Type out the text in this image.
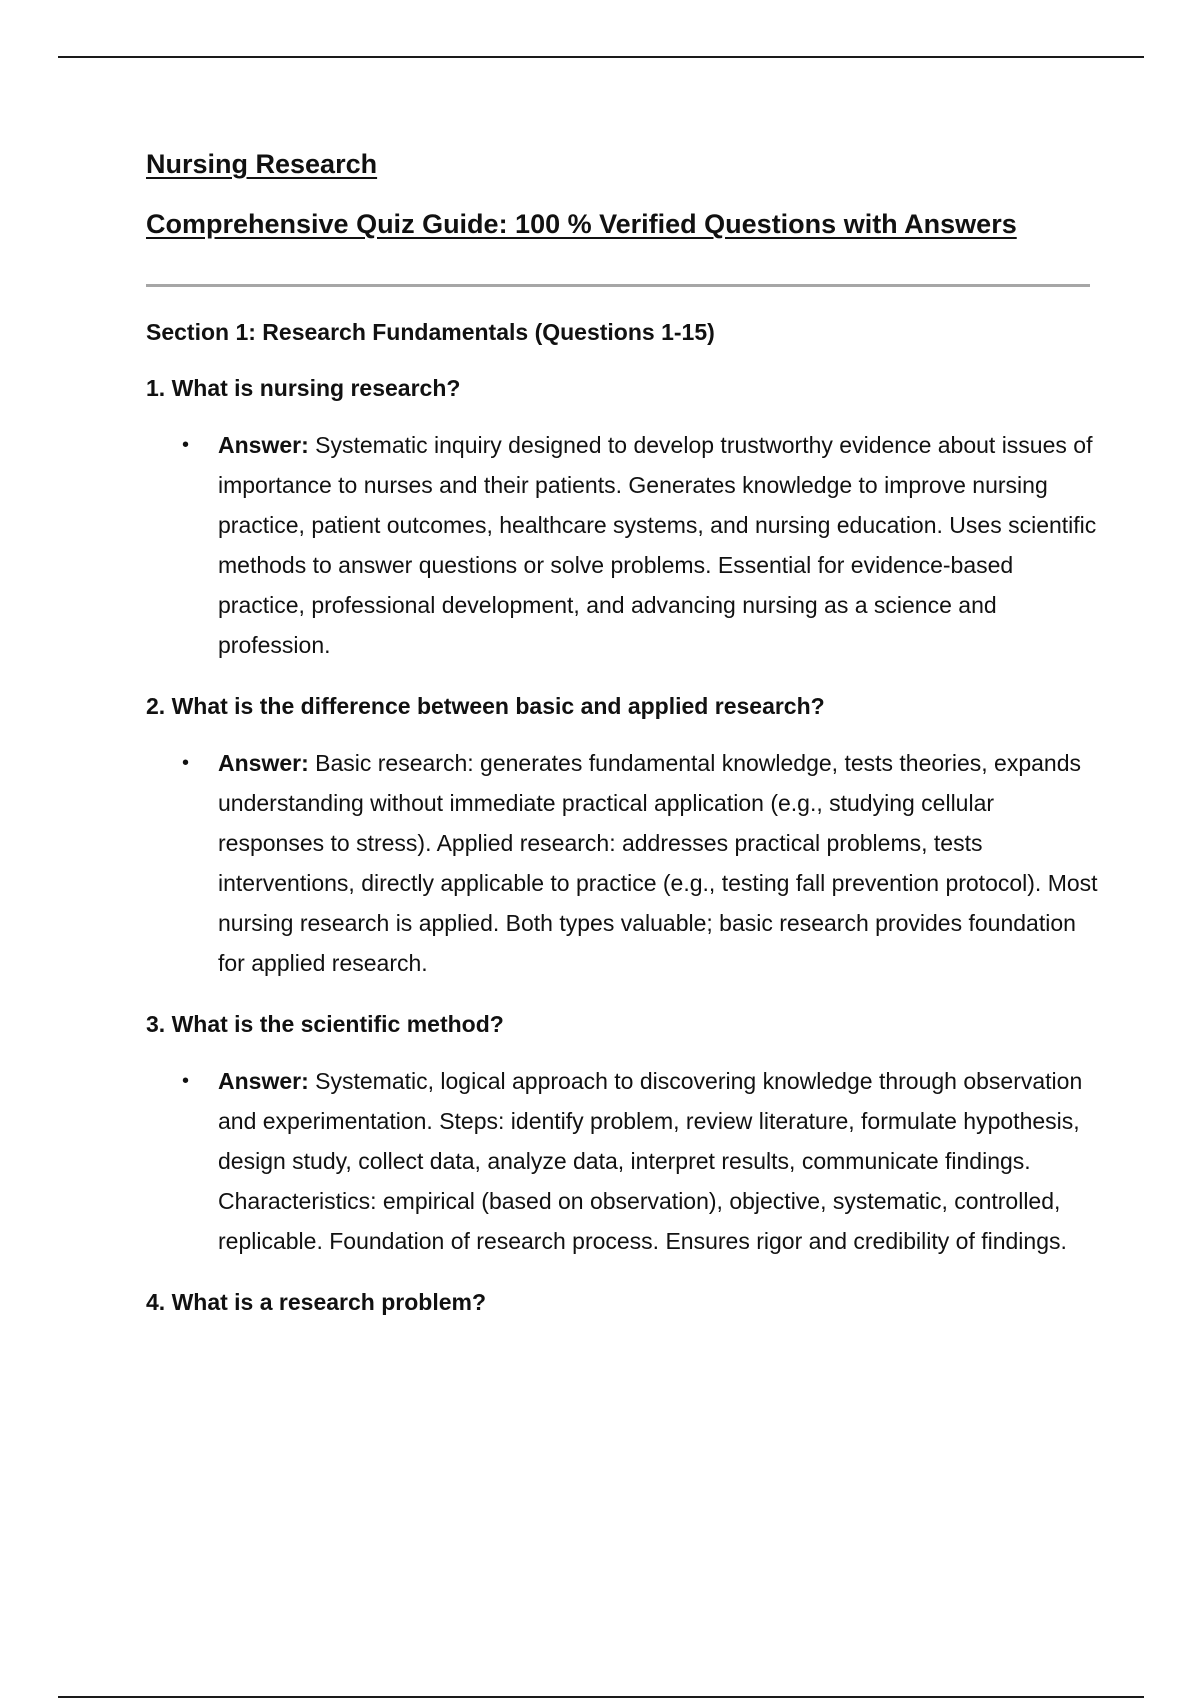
Nursing Research
Comprehensive Quiz Guide: 100 % Verified Questions with Answers
Section 1: Research Fundamentals (Questions 1-15)
1. What is nursing research?
• Answer: Systematic inquiry designed to develop trustworthy evidence about issues of importance to nurses and their patients. Generates knowledge to improve nursing practice, patient outcomes, healthcare systems, and nursing education. Uses scientific methods to answer questions or solve problems. Essential for evidence-based practice, professional development, and advancing nursing as a science and profession.
2. What is the difference between basic and applied research?
• Answer: Basic research: generates fundamental knowledge, tests theories, expands understanding without immediate practical application (e.g., studying cellular responses to stress). Applied research: addresses practical problems, tests interventions, directly applicable to practice (e.g., testing fall prevention protocol). Most nursing research is applied. Both types valuable; basic research provides foundation for applied research.
3. What is the scientific method?
• Answer: Systematic, logical approach to discovering knowledge through observation and experimentation. Steps: identify problem, review literature, formulate hypothesis, design study, collect data, analyze data, interpret results, communicate findings. Characteristics: empirical (based on observation), objective, systematic, controlled, replicable. Foundation of research process. Ensures rigor and credibility of findings.
4. What is a research problem?
